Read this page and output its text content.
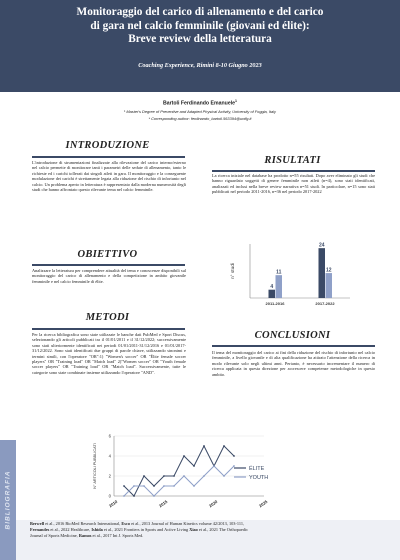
Monitoraggio del carico di allenamento e del carico
di gara nel calcio femminile (giovani ed élite):
Breve review della letteratura
Coaching Experience, Rimini 8-10 Giugno 2023
Bartoli Ferdinando Emanuele$^1$
¹ Master's Degree of Preventive and Adapted Physical Activity, University of Foggia, Italy
* Corresponding author: ferdinando_bartoli.563394@unifg.it
INTRODUZIONE
L'introduzione di strumentazioni finalizzate alla rilevazione del carico interno/esterno nel calcio permette di monitorare tanti i parametri delle sedute di allenamento, tanto le richieste ed i carichi tollerati dai singoli atleti in gara. Il monitoraggio e la conseguente modulazione dei carichi è strettamente legata alla riduzione del rischio di infortunio nel calcio. Un problema aperto in letteratura è rappresentato dalla moderna numerosità degli studi che hanno affrontato questo rilevante tema nel calcio femminile.
OBIETTIVO
Analizzare la letteratura per comprendere attualità del tema e conoscenze disponibili sul monitoraggio del carico di allenamento e della competizione in ambito giovanile femminile e nel calcio femminile di élite.
METODI
Per la ricerca bibliografica sono state utilizzate le banche dati PubMed e Sport Discus, selezionando gli articoli pubblicati tra il 01/01/2011 e il 31/12/2022; successivamente sono stati ulteriormente identificati nei periodi 01/01/2011-31/12/2016 e 01/01/2017-31/12/2022. Sono stati identificati due gruppi di parole chiave, utilizzando sinonimi e termini simili, con l'operatore "OR":1) "Women's soccer" OR "Élite female soccer players" OR "Training load" OR "Match load" 2)"Women soccer" OR "Youth female soccer players" OR "Training load" OR "Match load". Successivamente, tutte le categorie sono state combinate insieme utilizzando l'operatore "AND".
RISULTATI
La ricerca iniziale nel database ha prodotto n=55 risultati. Dopo aver eliminato gli studi che hanno riguardato soggetti di genere femminile non atleti (n=4), sono stati identificati, analizzati ed inclusi nella breve review narrativa n=51 studi. In particolare, n=15 sono stati pubblicati nel periodo 2011-2016, n=36 nel periodo 2017-2022
n° studi
4
11
2011-2016
24
12
2017-2022
CONCLUSIONI
Il tema del monitoraggio del carico ai fini della riduzione del rischio di infortunio nel calcio femminile, a livello giovanile e di alta qualificazione ha attirato l'attenzione della ricerca in modo rilevante solo negli ultimi anni. Pertanto, è necessario incrementare il numero di ricerca applicata in questa direzione per accrescere competenze metodologiche in questo ambito.
0
2
4
6
2010	2015	2020	2025
N° ARTICOLI PUBBLICATI	ÉLITE
YOUTH
BIBLIOGRAFIA	Berwell et al., 2016 BioMed Research International, Esco et al., 2013 Journal of Human Kinetics volume 42/2013, 103-111,
Fernandes et al., 2022 Healthcare, Ishida et al., 2021 Frontiers in Sports and Active Living Xiao et al., 2021 The Orthopaedic
Journal of Sports Medicine, Ramos et al., 2017 Int J. Sports Med.
